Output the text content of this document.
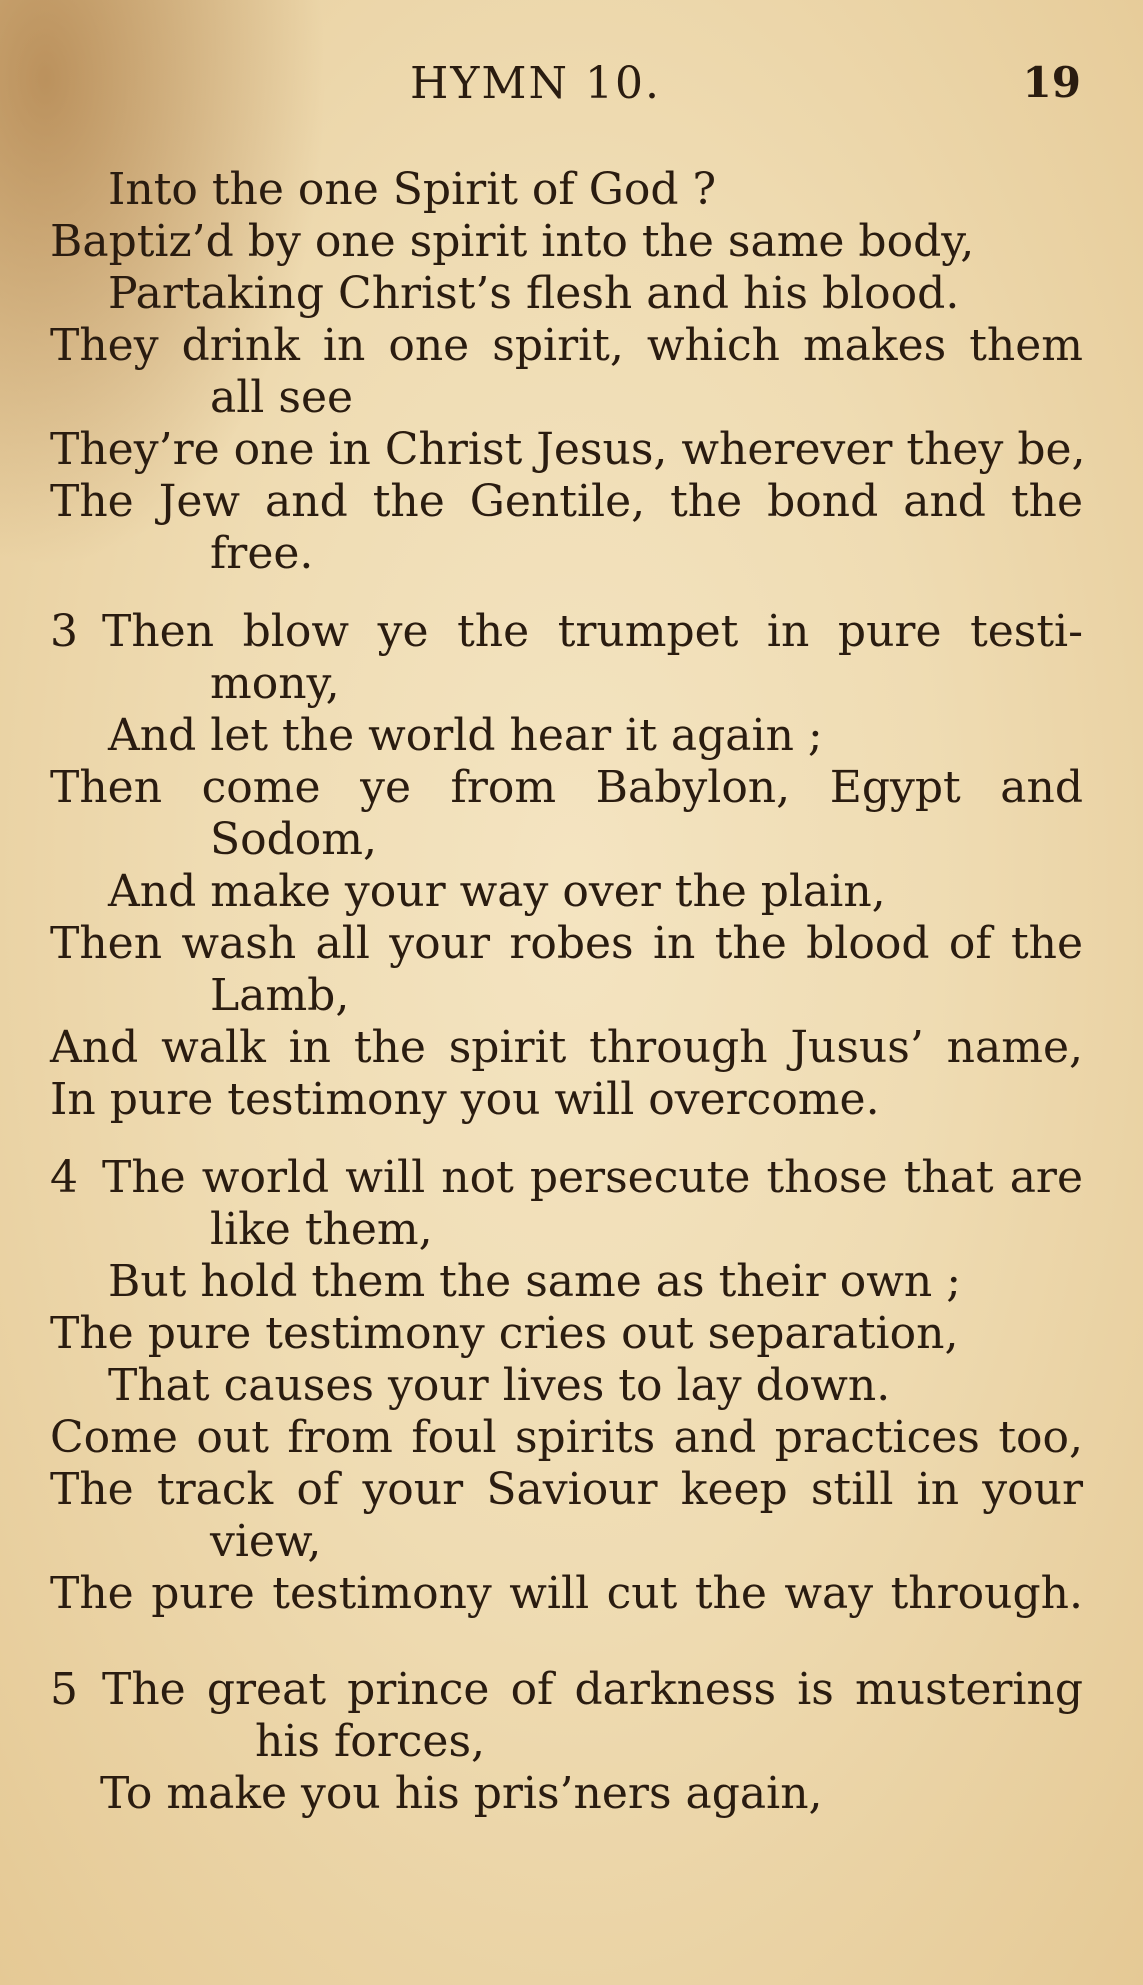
HYMN 10.	19
Into the one Spirit of God ?
Baptiz’d by one spirit into the same body,
Partaking Christ’s flesh and his blood.
They drink in one spirit, which makes them
all see
They’re one in Christ Jesus, wherever they be,
The Jew and the Gentile, the bond and the
free.
3 Then blow ye the trumpet in pure testi-
mony,
And let the world hear it again ;
Then come ye from Babylon, Egypt and
Sodom,
And make your way over the plain,
Then wash all your robes in the blood of the
Lamb,
And walk in the spirit through Jusus’ name,
In pure testimony you will overcome.
4 The world will not persecute those that are
like them,
But hold them the same as their own ;
The pure testimony cries out separation,
That causes your lives to lay down.
Come out from foul spirits and practices too,
The track of your Saviour keep still in your
view,
The pure testimony will cut the way through.
5 The great prince of darkness is mustering
his forces,
To make you his pris’ners again,
